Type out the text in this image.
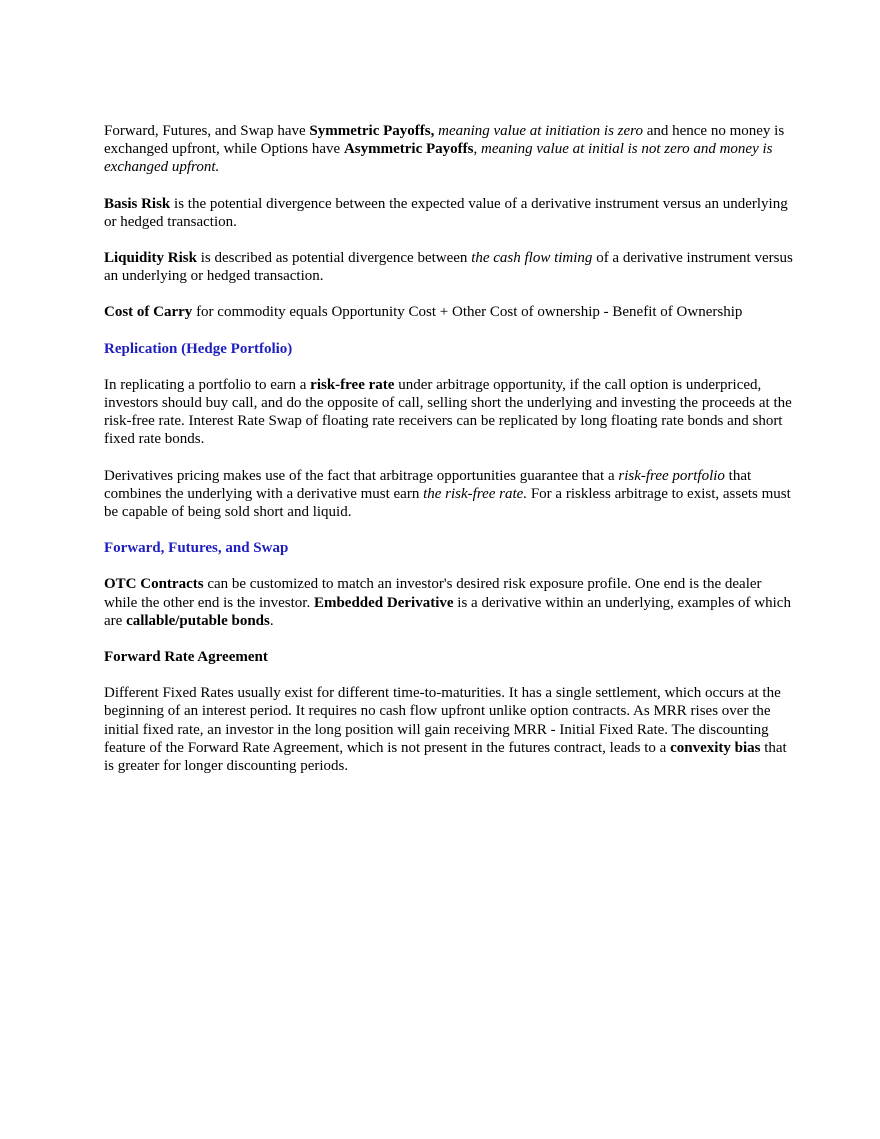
Forward, Futures, and Swap have Symmetric Payoffs, meaning value at initiation is zero and hence no money is exchanged upfront, while Options have Asymmetric Payoffs, meaning value at initial is not zero and money is exchanged upfront.

Basis Risk is the potential divergence between the expected value of a derivative instrument versus an underlying or hedged transaction.

Liquidity Risk is described as potential divergence between the cash flow timing of a derivative instrument versus an underlying or hedged transaction.

Cost of Carry for commodity equals Opportunity Cost + Other Cost of ownership - Benefit of Ownership

Replication (Hedge Portfolio)

In replicating a portfolio to earn a risk-free rate under arbitrage opportunity, if the call option is underpriced, investors should buy call, and do the opposite of call, selling short the underlying and investing the proceeds at the risk-free rate. Interest Rate Swap of floating rate receivers can be replicated by long floating rate bonds and short fixed rate bonds.

Derivatives pricing makes use of the fact that arbitrage opportunities guarantee that a risk-free portfolio that combines the underlying with a derivative must earn the risk-free rate. For a riskless arbitrage to exist, assets must be capable of being sold short and liquid.

Forward, Futures, and Swap

OTC Contracts can be customized to match an investor's desired risk exposure profile. One end is the dealer while the other end is the investor. Embedded Derivative is a derivative within an underlying, examples of which are callable/putable bonds.

Forward Rate Agreement

Different Fixed Rates usually exist for different time-to-maturities. It has a single settlement, which occurs at the beginning of an interest period. It requires no cash flow upfront unlike option contracts. As MRR rises over the initial fixed rate, an investor in the long position will gain receiving MRR - Initial Fixed Rate. The discounting feature of the Forward Rate Agreement, which is not present in the futures contract, leads to a convexity bias that is greater for longer discounting periods.
